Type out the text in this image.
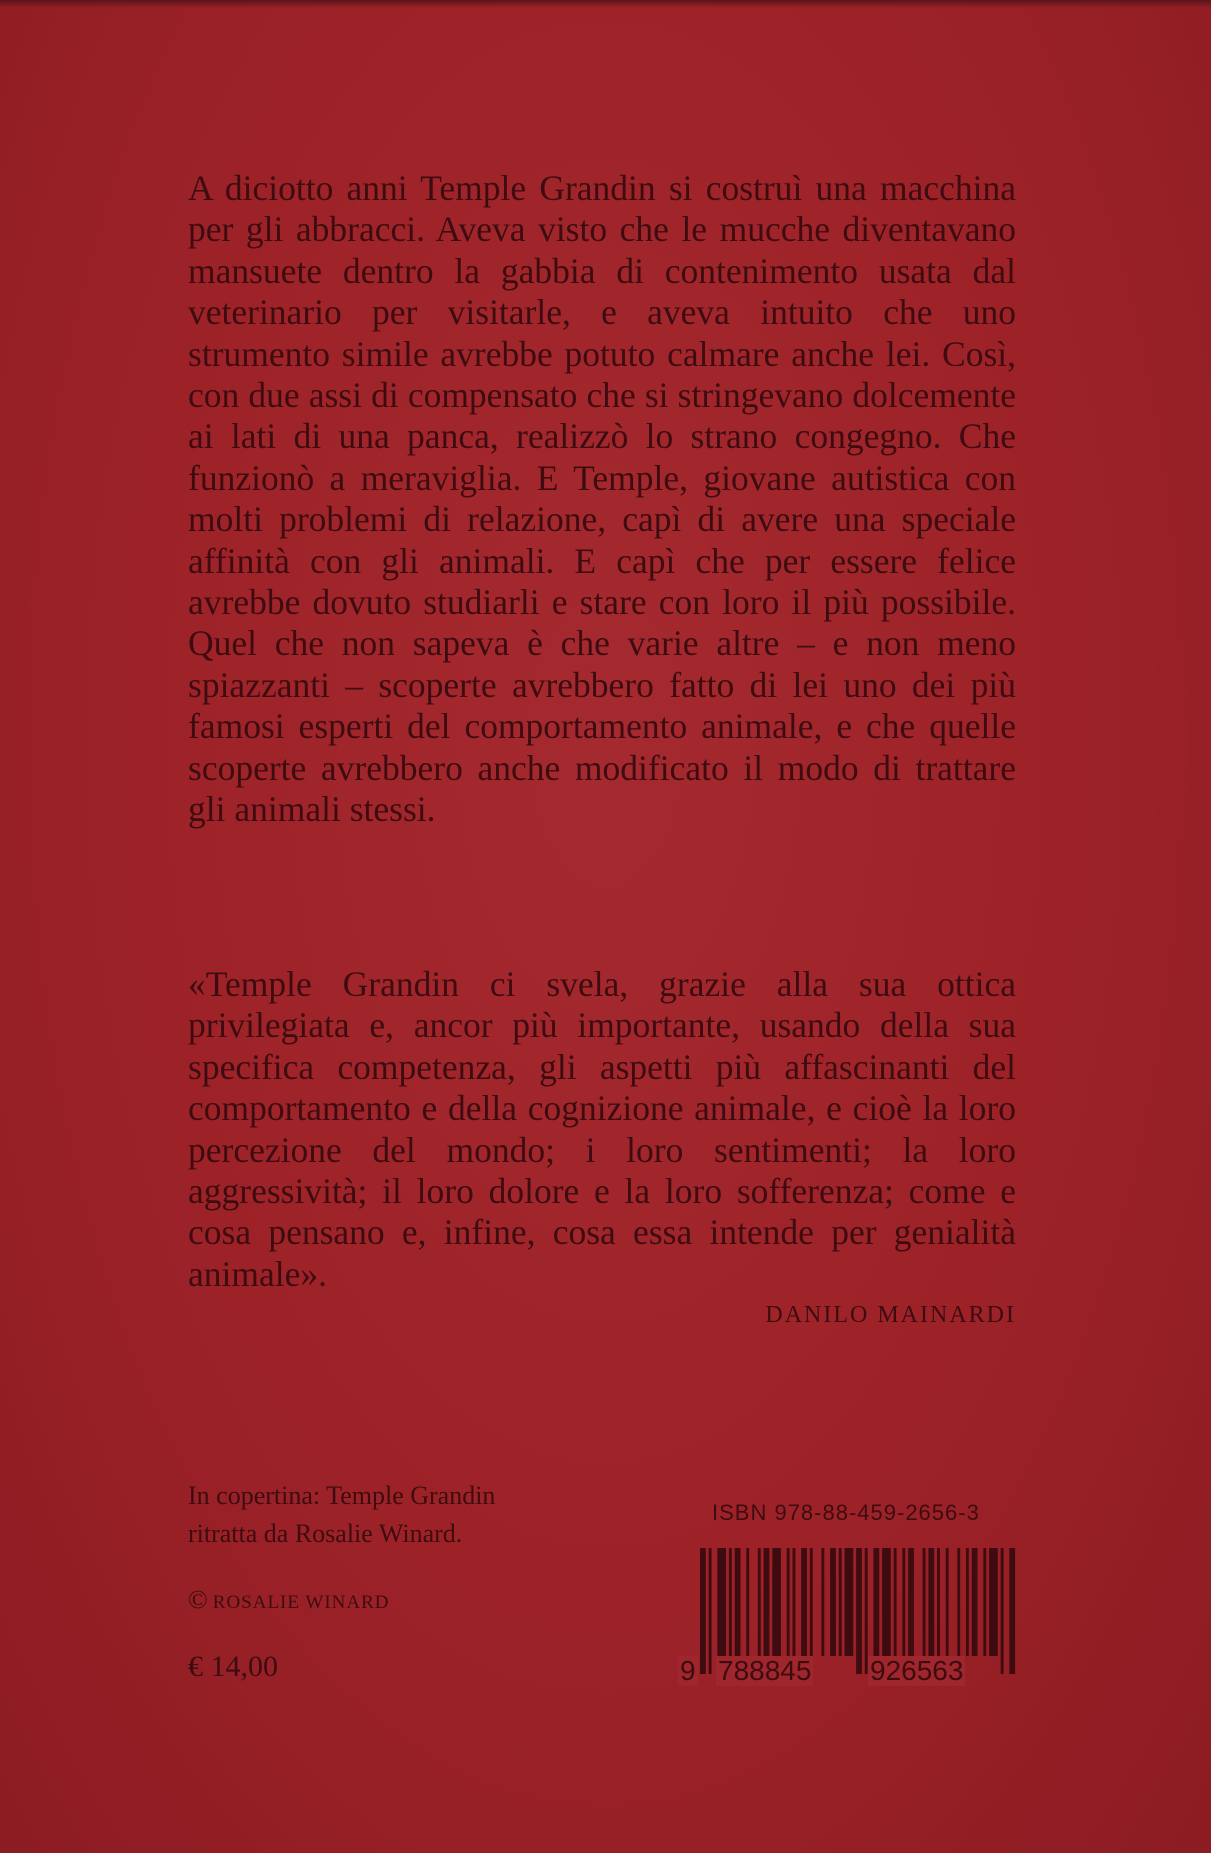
A diciotto anni Temple Grandin si costruì una macchina per gli abbracci. Aveva visto che le mucche diventavano mansuete dentro la gabbia di contenimento usata dal veterinario per visitarle, e aveva intuito che uno strumento simile avrebbe potuto calmare anche lei. Così, con due assi di compensato che si stringevano dolcemente ai lati di una panca, realizzò lo strano congegno. Che funzionò a meraviglia. E Temple, giovane autistica con molti problemi di relazione, capì di avere una speciale affinità con gli animali. E capì che per essere felice avrebbe dovuto studiarli e stare con loro il più possibile. Quel che non sapeva è che varie altre – e non meno spiazzanti – scoperte avrebbero fatto di lei uno dei più famosi esperti del comportamento animale, e che quelle scoperte avrebbero anche modificato il modo di trattare gli animali stessi.

«Temple Grandin ci svela, grazie alla sua ottica privilegiata e, ancor più importante, usando della sua specifica competenza, gli aspetti più affascinanti del comportamento e della cognizione animale, e cioè la loro percezione del mondo; i loro sentimenti; la loro aggressività; il loro dolore e la loro sofferenza; come e cosa pensano e, infine, cosa essa intende per genialità animale».

DANILO MAINARDI

In copertina: Temple Grandin
ritratta da Rosalie Winard.

© ROSALIE WINARD

€ 14,00

ISBN 978-88-459-2656-3

9 788845 926563
